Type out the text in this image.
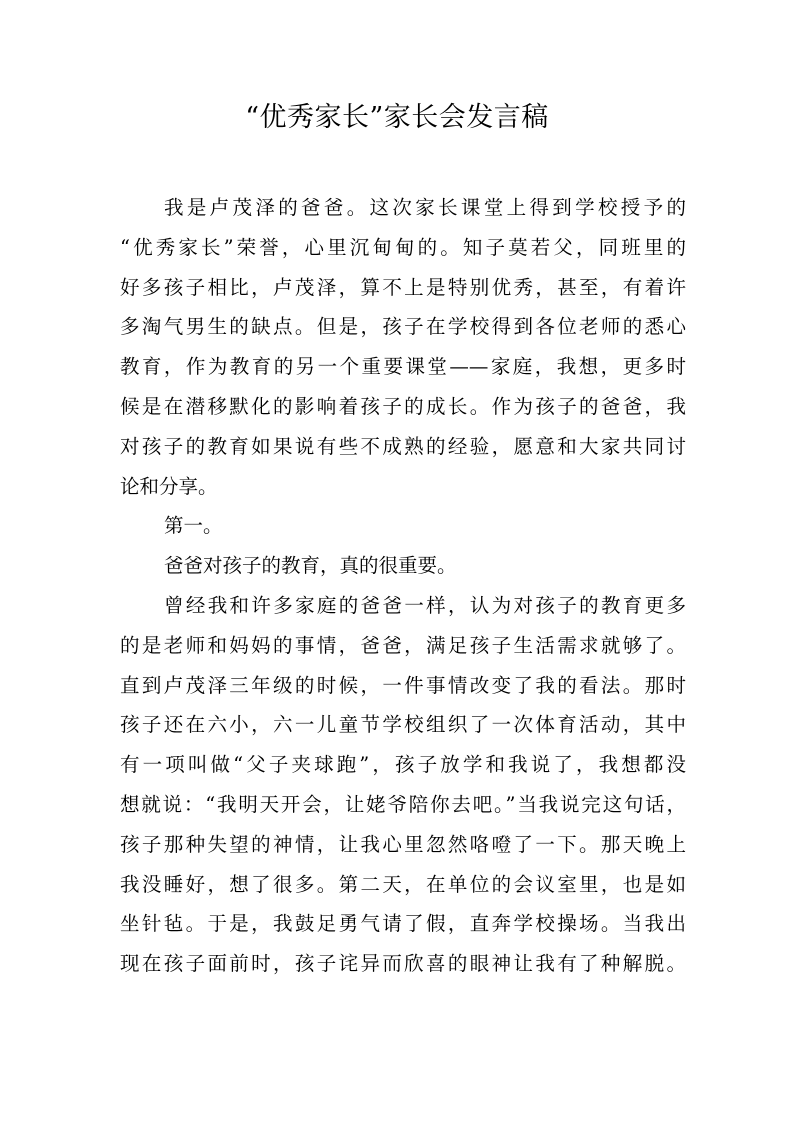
“优秀家长”家长会发言稿
我是卢茂泽的爸爸。这次家长课堂上得到学校授予的
“优秀家长”荣誉，心里沉甸甸的。知子莫若父，同班里的
好多孩子相比，卢茂泽，算不上是特别优秀，甚至，有着许
多淘气男生的缺点。但是，孩子在学校得到各位老师的悉心
教育，作为教育的另一个重要课堂——家庭，我想，更多时
候是在潜移默化的影响着孩子的成长。作为孩子的爸爸，我
对孩子的教育如果说有些不成熟的经验，愿意和大家共同讨
论和分享。
第一。
爸爸对孩子的教育，真的很重要。
曾经我和许多家庭的爸爸一样，认为对孩子的教育更多
的是老师和妈妈的事情，爸爸，满足孩子生活需求就够了。
直到卢茂泽三年级的时候，一件事情改变了我的看法。那时
孩子还在六小，六一儿童节学校组织了一次体育活动，其中
有一项叫做“父子夹球跑”，孩子放学和我说了，我想都没
想就说：“我明天开会，让姥爷陪你去吧。”当我说完这句话，
孩子那种失望的神情，让我心里忽然咯噔了一下。那天晚上
我没睡好，想了很多。第二天，在单位的会议室里，也是如
坐针毡。于是，我鼓足勇气请了假，直奔学校操场。当我出
现在孩子面前时，孩子诧异而欣喜的眼神让我有了种解脱。
